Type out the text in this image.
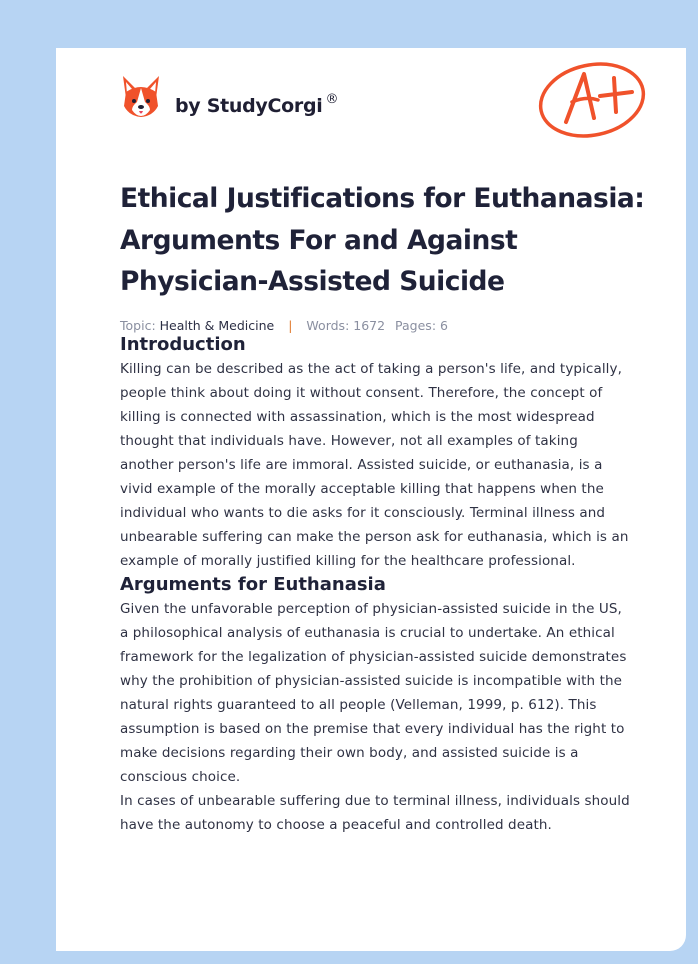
by StudyCorgi ®
Ethical Justifications for Euthanasia: Arguments For and Against Physician-Assisted Suicide
Topic: Health & Medicine | Words: 1672 Pages: 6
Introduction

Killing can be described as the act of taking a person's life, and typically, people think about doing it without consent. Therefore, the concept of killing is connected with assassination, which is the most widespread thought that individuals have. However, not all examples of taking another person's life are immoral. Assisted suicide, or euthanasia, is a vivid example of the morally acceptable killing that happens when the individual who wants to die asks for it consciously. Terminal illness and unbearable suffering can make the person ask for euthanasia, which is an example of morally justified killing for the healthcare professional.

Arguments for Euthanasia

Given the unfavorable perception of physician-assisted suicide in the US, a philosophical analysis of euthanasia is crucial to undertake. An ethical framework for the legalization of physician-assisted suicide demonstrates why the prohibition of physician-assisted suicide is incompatible with the natural rights guaranteed to all people (Velleman, 1999, p. 612). This assumption is based on the premise that every individual has the right to make decisions regarding their own body, and assisted suicide is a conscious choice.

In cases of unbearable suffering due to terminal illness, individuals should have the autonomy to choose a peaceful and controlled death.
